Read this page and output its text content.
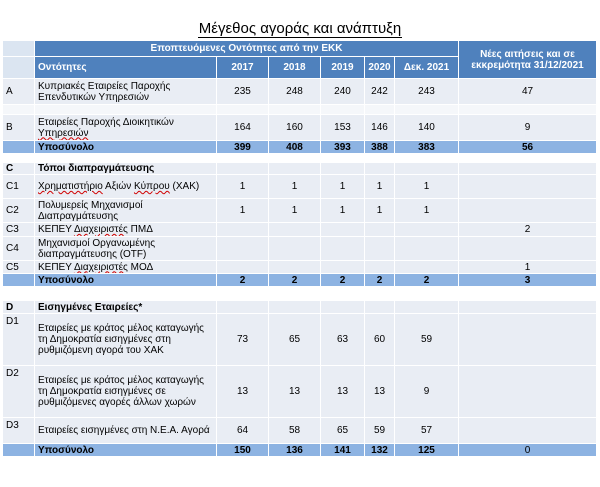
Μέγεθος αγοράς και ανάπτυξη
	Εποπτευόμενες Οντότητες από την ΕΚΚ						Νέες αιτήσεις και σε εκκρεμότητα 31/12/2021
	Οντότητες	2017	2018	2019	2020	Δεκ. 2021	
A	Κυπριακές Εταιρείες Παροχής Επενδυτικών Υπηρεσιών	235	248	240	242	243	47

B	Εταιρείες Παροχής Διοικητικών Υπηρεσιών	164	160	153	146	140	9
	Υποσύνολο	399	408	393	388	383	56

C	Τόποι διαπραγμάτευσης						
C1	Χρηματιστήριο Αξιών Κύπρου (ΧΑΚ)	1	1	1	1	1	
C2	Πολυμερείς Μηχανισμοί Διαπραγμάτευσης	1	1	1	1	1	
C3	ΚΕΠΕΥ Διαχειριστές ΠΜΔ						2
C4	Μηχανισμοί Οργανωμένης διαπραγμάτευσης (OTF)						
C5	ΚΕΠΕΥ Διαχειριστές ΜΟΔ						1
	Υποσύνολο	2	2	2	2	2	3

D	Εισηγμένες Εταιρείες*						
D1	Εταιρείες με κράτος μέλος καταγωγής τη Δημοκρατία εισηγμένες στη ρυθμιζόμενη αγορά του ΧΑΚ	73	65	63	60	59	
D2	Εταιρείες με κράτος μέλος καταγωγής τη Δημοκρατία εισηγμένες σε ρυθμιζόμενες αγορές άλλων χωρών	13	13	13	13	9	
D3	Εταιρείες εισηγμένες στη Ν.Ε.Α. Αγορά	64	58	65	59	57	
	Υποσύνολο	150	136	141	132	125	0
